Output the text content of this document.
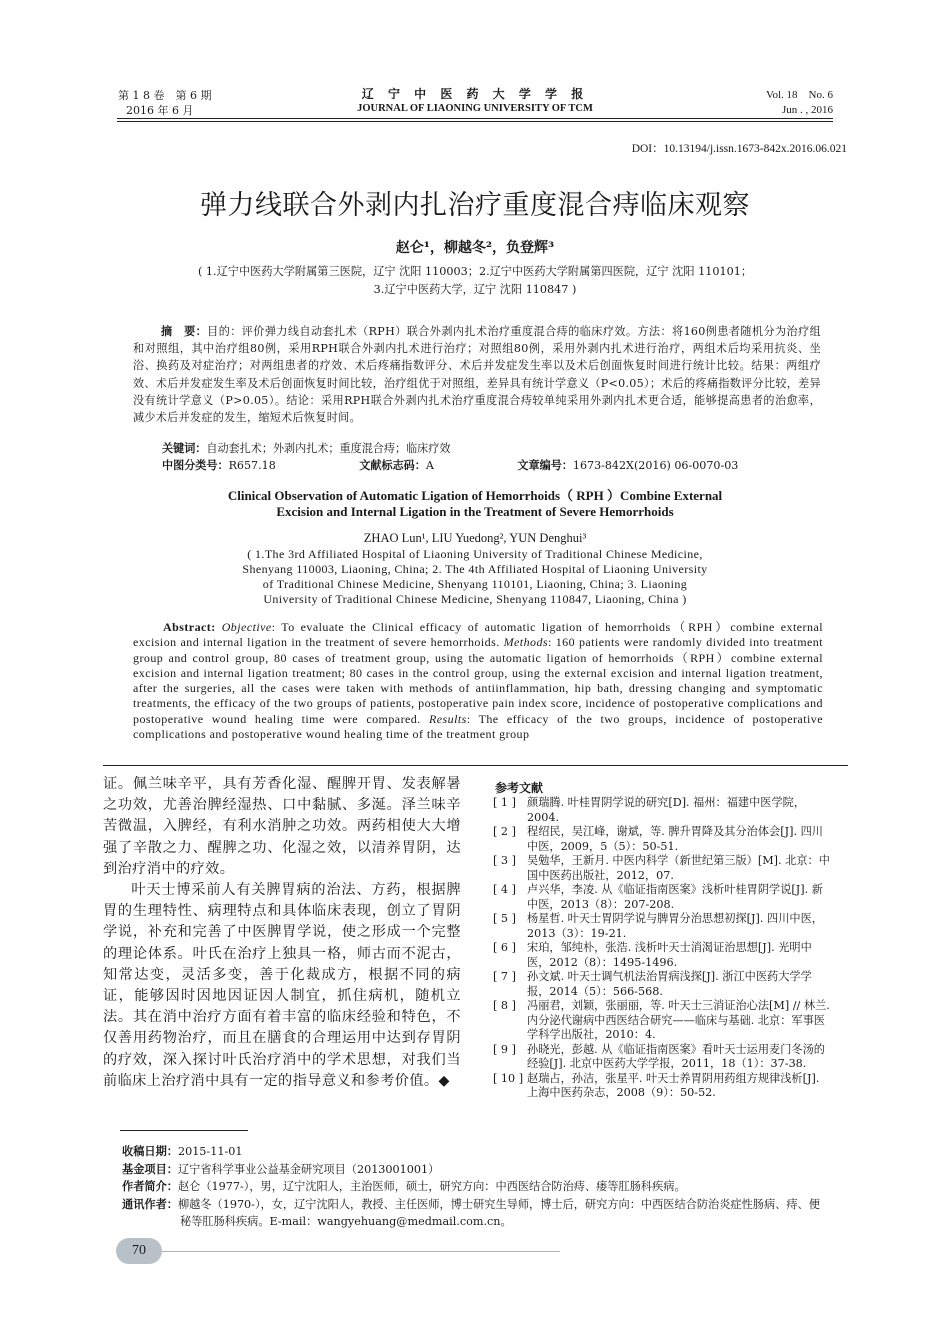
第 1 8 卷　第 6 期
2016 年 6 月
辽 宁 中 医 药 大 学 学 报
JOURNAL OF LIAONING UNIVERSITY OF TCM
Vol. 18　No. 6
Jun . , 2016
DOI：10.13194/j.issn.1673-842x.2016.06.021
弹力线联合外剥内扎治疗重度混合痔临床观察
赵仑¹，柳越冬²，负登辉³
( 1.辽宁中医药大学附属第三医院，辽宁 沈阳 110003；2.辽宁中医药大学附属第四医院，辽宁 沈阳 110101；
3.辽宁中医药大学，辽宁 沈阳 110847 )
摘　要：目的：评价弹力线自动套扎术（RPH）联合外剥内扎术治疗重度混合痔的临床疗效。方法：将160例患者随机分为治疗组和对照组，其中治疗组80例，采用RPH联合外剥内扎术进行治疗；对照组80例，采用外剥内扎术进行治疗，两组术后均采用抗炎、坐浴、换药及对症治疗；对两组患者的疗效、术后疼痛指数评分、术后并发症发生率以及术后创面恢复时间进行统计比较。结果：两组疗效、术后并发症发生率及术后创面恢复时间比较，治疗组优于对照组，差异具有统计学意义（P<0.05）；术后的疼痛指数评分比较，差异没有统计学意义（P>0.05）。结论：采用RPH联合外剥内扎术治疗重度混合痔较单纯采用外剥内扎术更合适，能够提高患者的治愈率，减少术后并发症的发生，缩短术后恢复时间。
关键词：自动套扎术；外剥内扎术；重度混合痔；临床疗效
中图分类号：R657.18	文献标志码：A	文章编号：1673-842X(2016) 06-0070-03
Clinical Observation of Automatic Ligation of Hemorrhoids（ RPH ）Combine External
Excision and Internal Ligation in the Treatment of Severe Hemorrhoids
ZHAO Lun¹, LIU Yuedong², YUN Denghui³
( 1.The 3rd Affiliated Hospital of Liaoning University of Traditional Chinese Medicine,
Shenyang 110003, Liaoning, China; 2. The 4th Affiliated Hospital of Liaoning University
of Traditional Chinese Medicine, Shenyang 110101, Liaoning, China; 3. Liaoning
University of Traditional Chinese Medicine, Shenyang 110847, Liaoning, China )
Abstract: Objective: To evaluate the Clinical efficacy of automatic ligation of hemorrhoids（RPH）combine external excision and internal ligation in the treatment of severe hemorrhoids. Methods: 160 patients were randomly divided into treatment group and control group, 80 cases of treatment group, using the automatic ligation of hemorrhoids（RPH）combine external excision and internal ligation treatment; 80 cases in the control group, using the external excision and internal ligation treatment, after the surgeries, all the cases were taken with methods of antiinflammation, hip bath, dressing changing and symptomatic treatments, the efficacy of the two groups of patients, postoperative pain index score, incidence of postoperative complications and postoperative wound healing time were compared. Results: The efficacy of the two groups, incidence of postoperative complications and postoperative wound healing time of the treatment group

证。佩兰味辛平，具有芳香化湿、醒脾开胃、发表解暑之功效，尤善治脾经湿热、口中黏腻、多涎。泽兰味辛苦微温，入脾经，有利水消肿之功效。两药相使大大增强了辛散之力、醒脾之功、化湿之效，以清养胃阴，达到治疗消中的疗效。

叶天士博采前人有关脾胃病的治法、方药，根据脾胃的生理特性、病理特点和具体临床表现，创立了胃阴学说，补充和完善了中医脾胃学说，使之形成一个完整的理论体系。叶氏在治疗上独具一格，师古而不泥古，知常达变，灵活多变，善于化裁成方，根据不同的病证，能够因时因地因证因人制宜，抓住病机，随机立法。其在消中治疗方面有着丰富的临床经验和特色，不仅善用药物治疗，而且在膳食的合理运用中达到存胃阴的疗效，深入探讨叶氏治疗消中的学术思想，对我们当前临床上治疗消中具有一定的指导意义和参考价值。◆

参考文献
[ 1 ] 颜瑞腾. 叶桂胃阴学说的研究[D]. 福州：福建中医学院，2004.
[ 2 ] 程绍民，吴江峰，谢斌，等. 脾升胃降及其分治体会[J]. 四川中医，2009，5（5）：50-51.
[ 3 ] 吴勉华，王新月. 中医内科学（新世纪第三版）[M]. 北京：中国中医药出版社，2012，07.
[ 4 ] 卢兴华，李凌. 从《临证指南医案》浅析叶桂胃阴学说[J]. 新中医，2013（8）：207-208.
[ 5 ] 杨星哲. 叶天士胃阴学说与脾胃分治思想初探[J]. 四川中医，2013（3）：19-21.
[ 6 ] 宋珀，邹纯朴，张浩. 浅析叶天士消渴证治思想[J]. 光明中医，2012（8）：1495-1496.
[ 7 ] 孙文斌. 叶天士调气机法治胃病浅探[J]. 浙江中医药大学学报，2014（5）：566-568.
[ 8 ] 冯丽君，刘颖，张丽丽，等. 叶天士三消证治心法[M] // 林兰. 内分泌代谢病中西医结合研究——临床与基础. 北京：军事医学科学出版社，2010：4.
[ 9 ] 孙晓光，彭越. 从《临证指南医案》看叶天士运用麦门冬汤的经验[J]. 北京中医药大学学报，2011，18（1）：37-38.
[ 10 ] 赵瑞占，孙洁，张星平. 叶天士养胃阴用药组方规律浅析[J]. 上海中医药杂志，2008（9）：50-52.
收稿日期：2015-11-01
基金项目：辽宁省科学事业公益基金研究项目（2013001001）
作者简介：赵仑（1977-），男，辽宁沈阳人，主治医师，硕士，研究方向：中西医结合防治痔、瘘等肛肠科疾病。
通讯作者：柳越冬（1970-），女，辽宁沈阳人，教授、主任医师，博士研究生导师，博士后，研究方向：中西医结合防治炎症性肠病、痔、便
秘等肛肠科疾病。E-mail：wangyehuang@medmail.com.cn。
70
